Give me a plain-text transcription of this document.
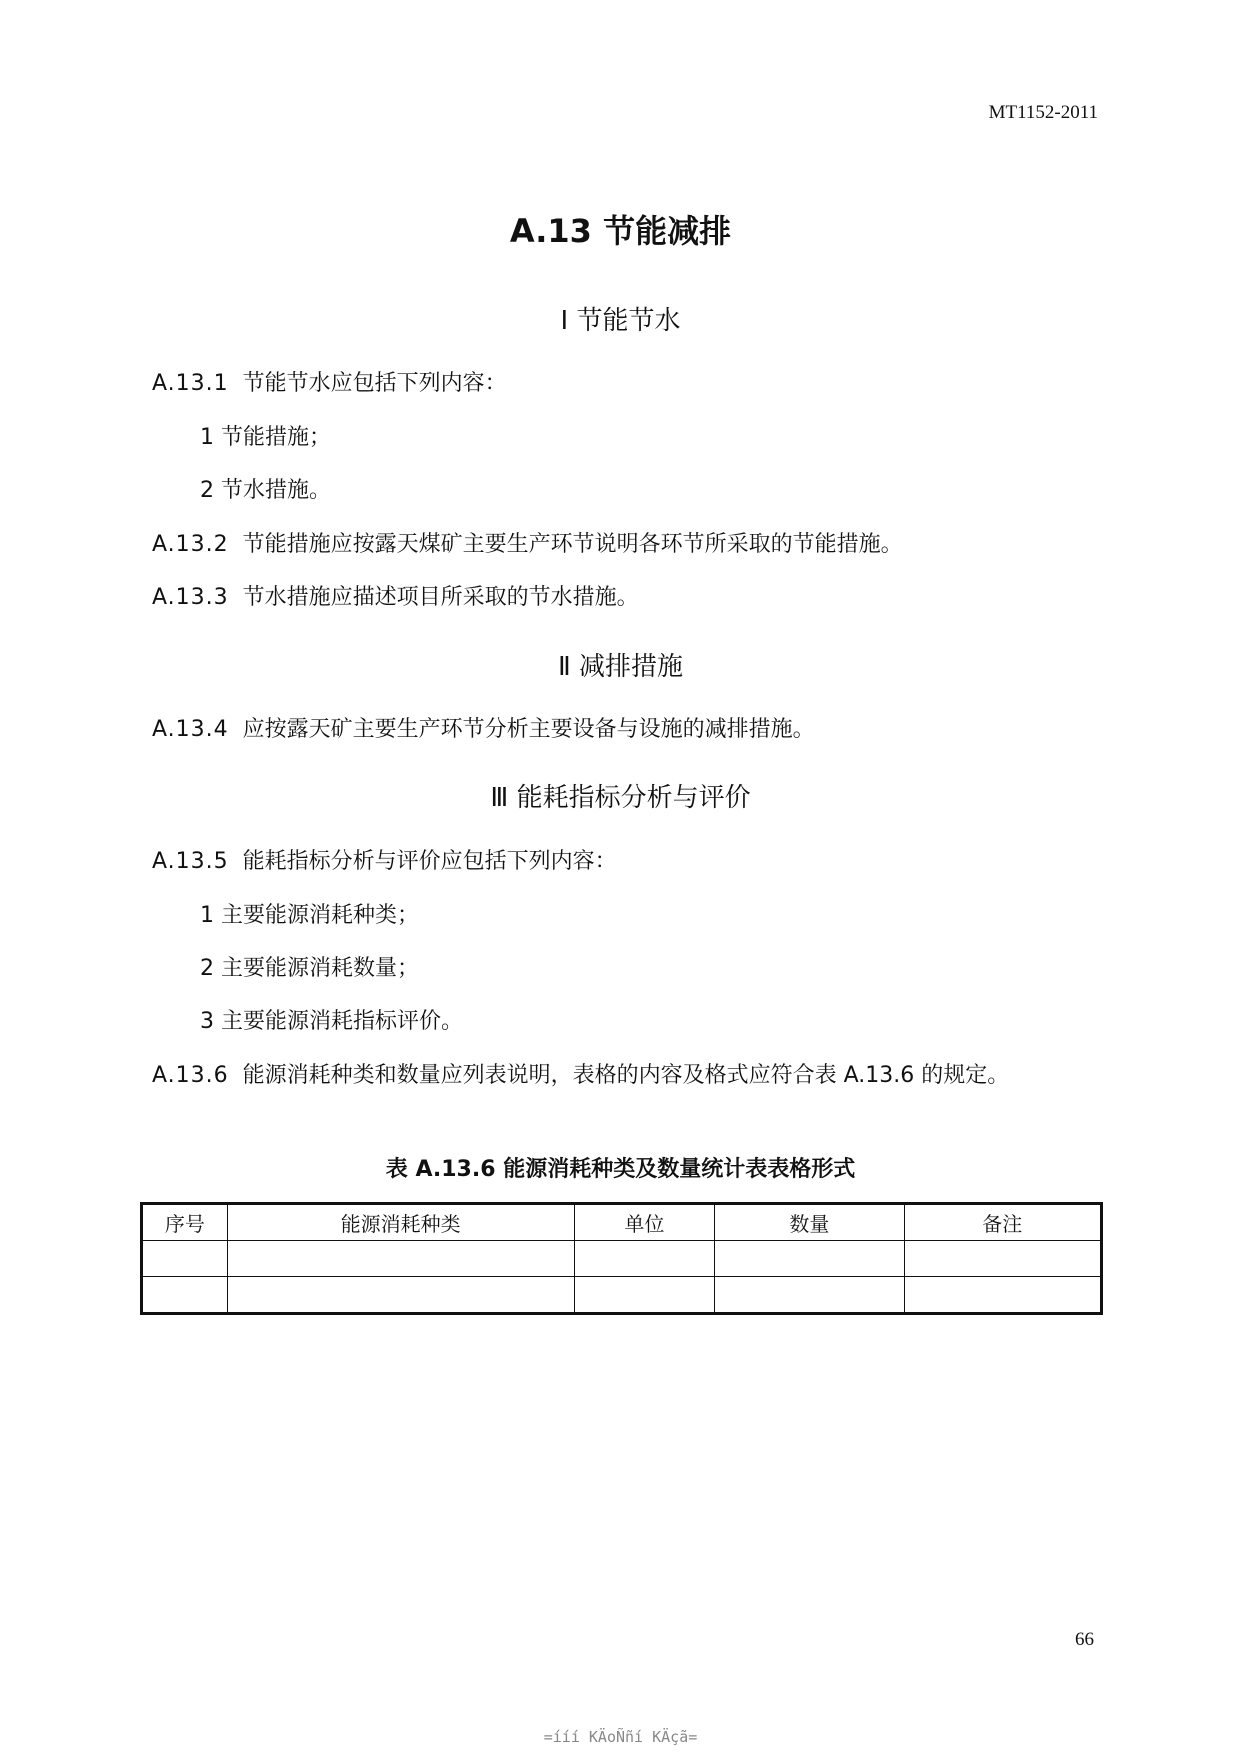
MT1152-2011
A.13 节能减排
Ⅰ 节能节水
A.13.1 节能节水应包括下列内容：
1 节能措施；
2 节水措施。
A.13.2 节能措施应按露天煤矿主要生产环节说明各环节所采取的节能措施。
A.13.3 节水措施应描述项目所采取的节水措施。
Ⅱ 减排措施
A.13.4 应按露天矿主要生产环节分析主要设备与设施的减排措施。
Ⅲ 能耗指标分析与评价
A.13.5 能耗指标分析与评价应包括下列内容：
1 主要能源消耗种类；
2 主要能源消耗数量；
3 主要能源消耗指标评价。
A.13.6 能源消耗种类和数量应列表说明，表格的内容及格式应符合表 A.13.6 的规定。
表 A.13.6 能源消耗种类及数量统计表表格形式
序号	能源消耗种类	单位	数量	备注

66
=ííí KÄoÑñí KÄçã=
